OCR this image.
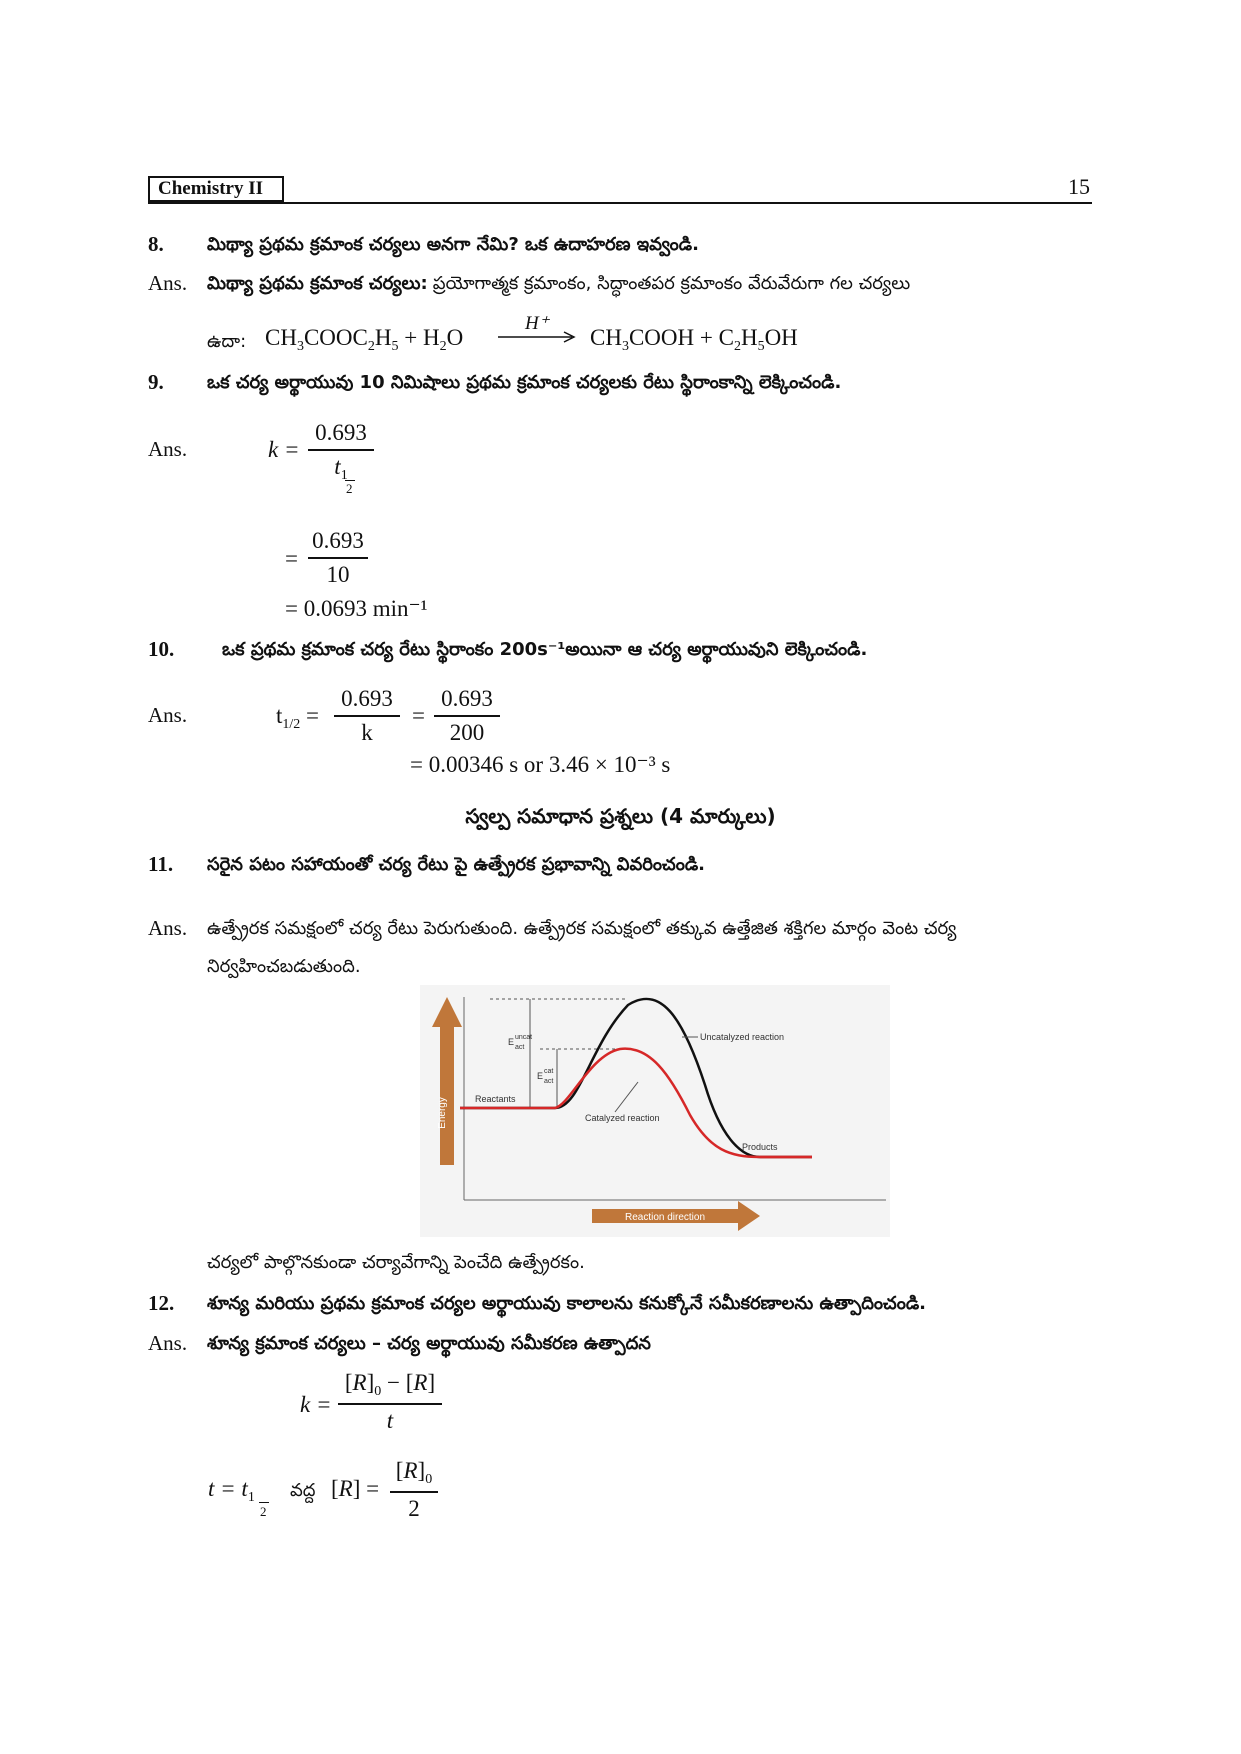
Chemistry II	15
8. మిథ్యా ప్రథమ క్రమాంక చర్యలు అనగా నేమి? ఒక ఉదాహరణ ఇవ్వండి.
Ans. మిథ్యా ప్రథమ క్రమాంక చర్యలు: ప్రయోగాత్మక క్రమాంకం, సిద్ధాంతపర క్రమాంకం వేరువేరుగా గల చర్యలు
ఉదా: $CH_3COOC_2H_5 + H_2O$
H⁺
$CH_3COOH + C_2H_5OH$
9. ఒక చర్య అర్థాయువు 10 నిమిషాలు ప్రథమ క్రమాంక చర్యలకు రేటు స్థిరాంకాన్ని లెక్కించండి.
Ans.	k =
0.693
$t_1$
2
=
0.693
10
= 0.0693 min⁻¹
10.	ఒక ప్రథమ క్రమాంక చర్య రేటు స్థిరాంకం 200s⁻¹అయినా ఆ చర్య అర్థాయువుని లెక్కించండి.
Ans.	$t_{1/2}$ =
0.693
k
=
0.693
200
= 0.00346 s or 3.46 × 10⁻³ s
స్వల్ప సమాధాన ప్రశ్నలు (4 మార్కులు)
11. సరైన పటం సహాయంతో చర్య రేటు పై ఉత్ప్రేరక ప్రభావాన్ని వివరించండి.
Ans. ఉత్ప్రేరక సమక్షంలో చర్య రేటు పెరుగుతుంది. ఉత్ప్రేరక సమక్షంలో తక్కువ ఉత్తేజిత శక్తిగల మార్గం వెంట చర్య
నిర్వహించబడుతుంది.
Energy
Reaction direction
Reactants
Products
Uncatalyzed reaction
Catalyzed reaction
E uncat
act
E cat
act
చర్యలో పాల్గొనకుండా చర్యావేగాన్ని పెంచేది ఉత్ప్రేరకం.
12. శూన్య మరియు ప్రథమ క్రమాంక చర్యల అర్థాయువు కాలాలను కనుక్కోనే సమీకరణాలను ఉత్పాదించండి.
Ans. శూన్య క్రమాంక చర్యలు – చర్య అర్థాయువు సమీకరణ ఉత్పాదన
k =
$[R]_0 - [R]$
t
$t = t_1$
2
వద్ద [R] =
$[R]_0$
2
